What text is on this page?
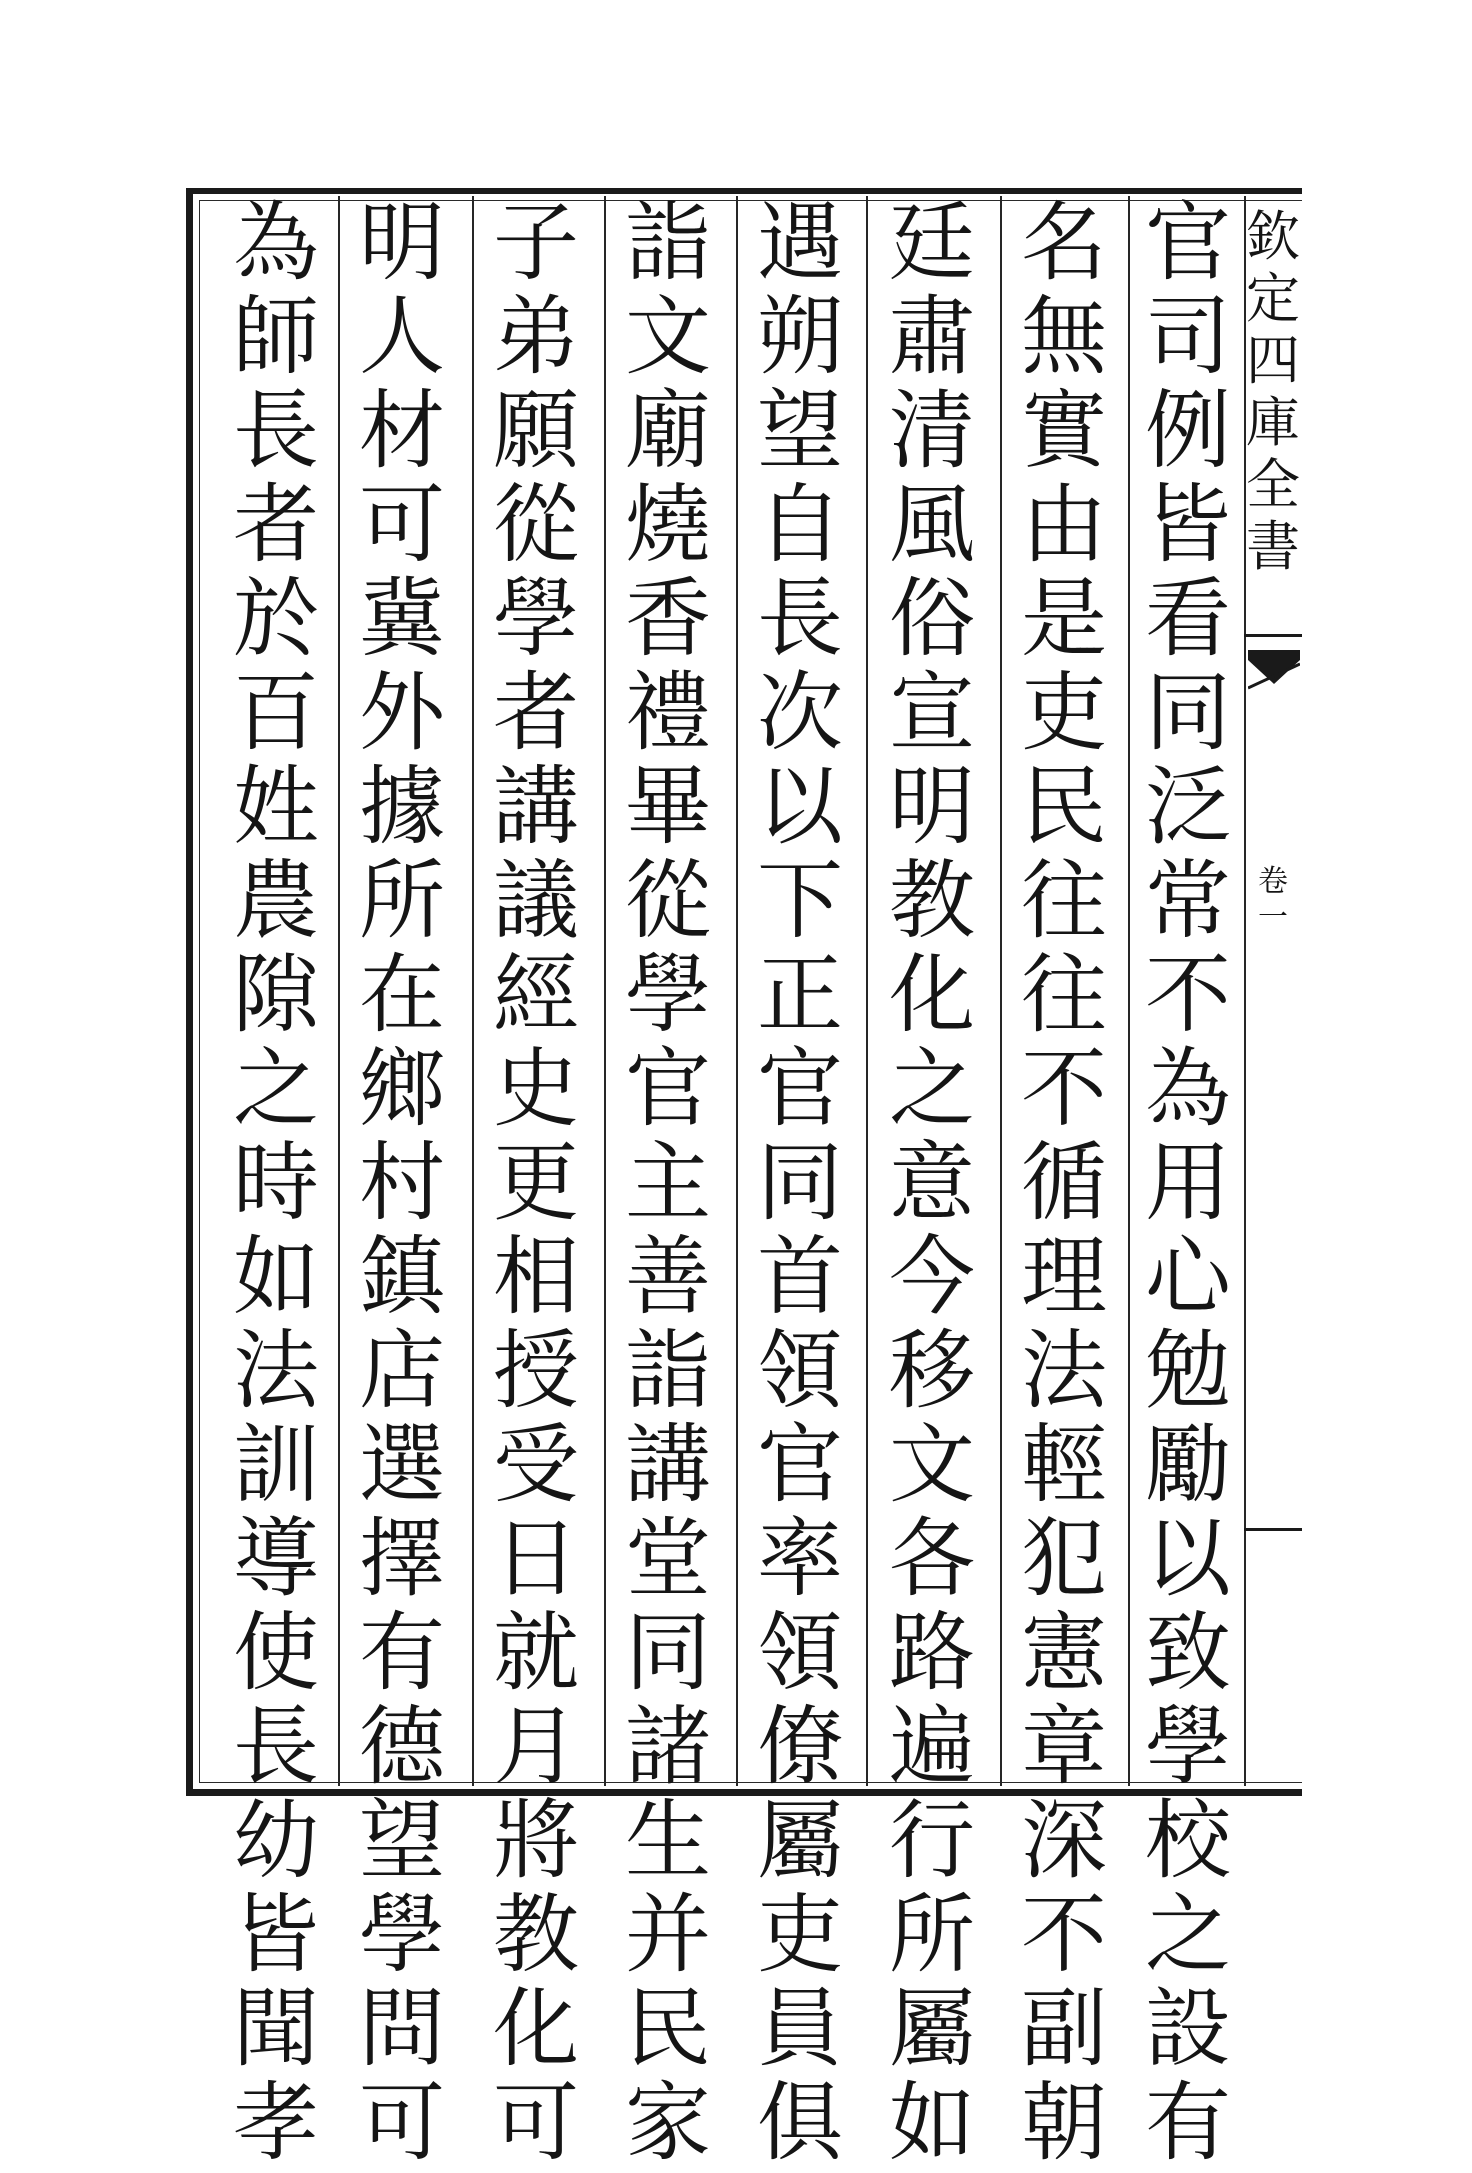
官
司
例
皆
看
同
泛
常
不
為
用
心
勉
勵
以
致
學
校
之
設
有
名
無
實
由
是
吏
民
往
往
不
循
理
法
輕
犯
憲
章
深
不
副
朝
廷
肅
清
風
俗
宣
明
教
化
之
意
今
移
文
各
路
遍
行
所
屬
如
遇
朔
望
自
長
次
以
下
正
官
同
首
領
官
率
領
僚
屬
吏
員
俱
詣
文
廟
燒
香
禮
畢
從
學
官
主
善
詣
講
堂
同
諸
生
并
民
家
子
弟
願
從
學
者
講
議
經
史
更
相
授
受
日
就
月
將
教
化
可
明
人
材
可
冀
外
據
所
在
鄉
村
鎮
店
選
擇
有
德
望
學
問
可
為
師
長
者
於
百
姓
農
隙
之
時
如
法
訓
導
使
長
幼
皆
聞
孝
欽
定
四
庫
全
書
卷
一
